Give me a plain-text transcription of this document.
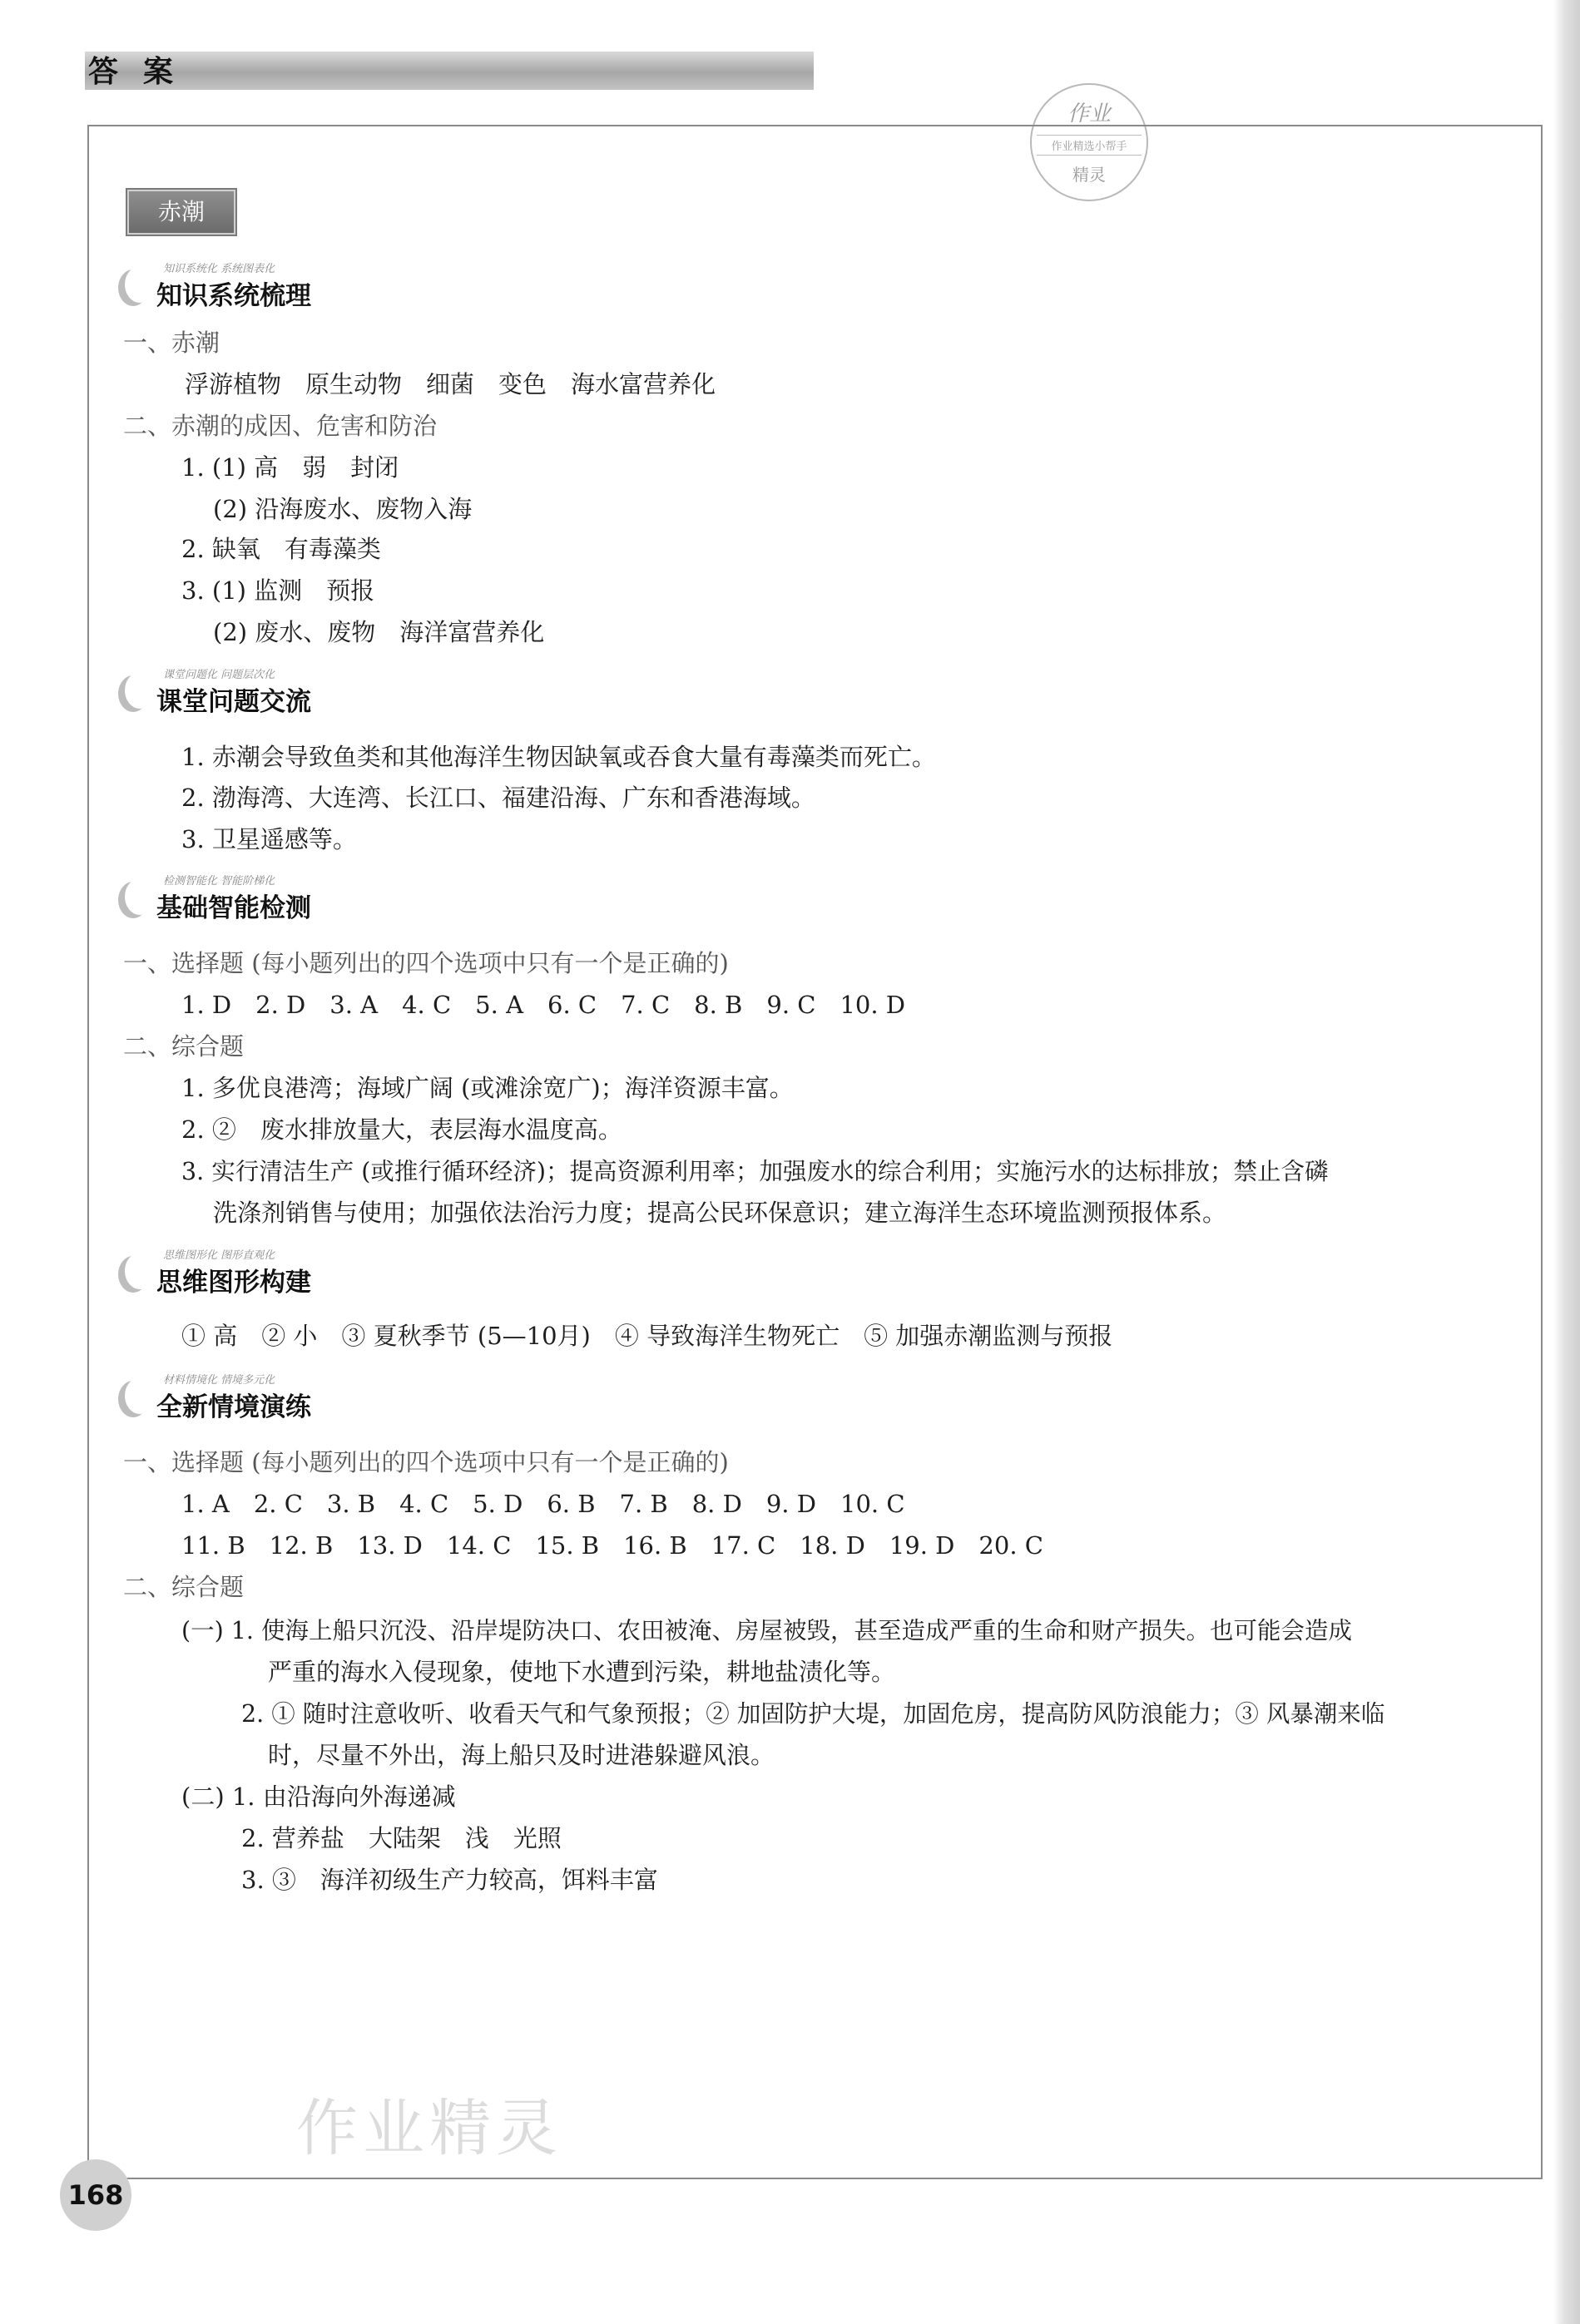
答案
作业
作业精选小帮手
精灵
赤潮
知识系统化 系统图表化
知识系统梳理
一、赤潮
浮游植物　原生动物　细菌　变色　海水富营养化
二、赤潮的成因、危害和防治
1. (1) 高　弱　封闭
(2) 沿海废水、废物入海
2. 缺氧　有毒藻类
3. (1) 监测　预报
(2) 废水、废物　海洋富营养化
课堂问题化 问题层次化
课堂问题交流
1. 赤潮会导致鱼类和其他海洋生物因缺氧或吞食大量有毒藻类而死亡。
2. 渤海湾、大连湾、长江口、福建沿海、广东和香港海域。
3. 卫星遥感等。
检测智能化 智能阶梯化
基础智能检测
一、选择题 (每小题列出的四个选项中只有一个是正确的)
1. D　2. D　3. A　4. C　5. A　6. C　7. C　8. B　9. C　10. D
二、综合题
1. 多优良港湾；海域广阔 (或滩涂宽广)；海洋资源丰富。
2. ②　废水排放量大，表层海水温度高。
3. 实行清洁生产 (或推行循环经济)；提高资源利用率；加强废水的综合利用；实施污水的达标排放；禁止含磷
洗涤剂销售与使用；加强依法治污力度；提高公民环保意识；建立海洋生态环境监测预报体系。
思维图形化 图形直观化
思维图形构建
① 高　② 小　③ 夏秋季节 (5—10月)　④ 导致海洋生物死亡　⑤ 加强赤潮监测与预报
材料情境化 情境多元化
全新情境演练
一、选择题 (每小题列出的四个选项中只有一个是正确的)
1. A　2. C　3. B　4. C　5. D　6. B　7. B　8. D　9. D　10. C
11. B　12. B　13. D　14. C　15. B　16. B　17. C　18. D　19. D　20. C
二、综合题
(一) 1. 使海上船只沉没、沿岸堤防决口、农田被淹、房屋被毁，甚至造成严重的生命和财产损失。也可能会造成
严重的海水入侵现象，使地下水遭到污染，耕地盐渍化等。
2. ① 随时注意收听、收看天气和气象预报；② 加固防护大堤，加固危房，提高防风防浪能力；③ 风暴潮来临
时，尽量不外出，海上船只及时进港躲避风浪。
(二) 1. 由沿海向外海递减
2. 营养盐　大陆架　浅　光照
3. ③　海洋初级生产力较高，饵料丰富
作业精灵
168
